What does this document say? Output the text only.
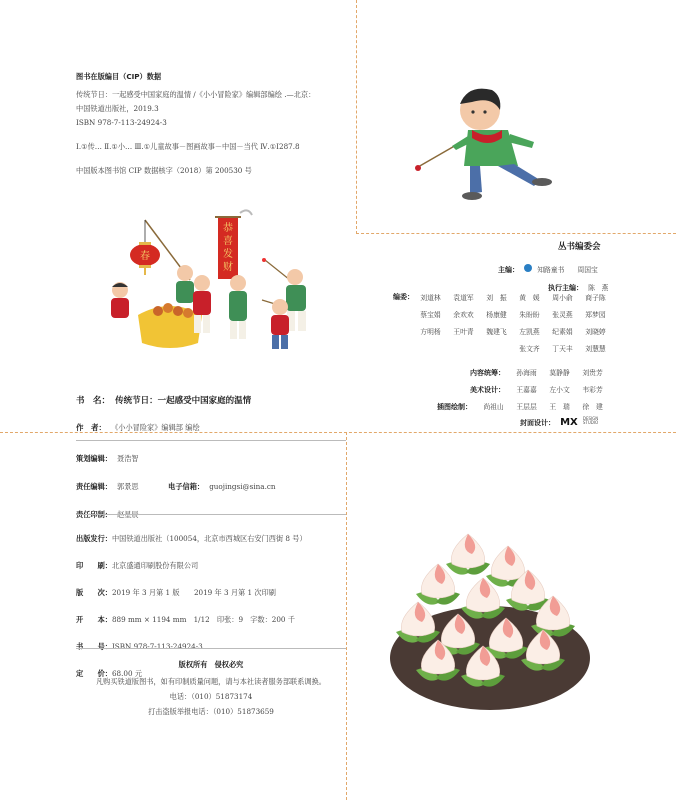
图书在版编目（CIP）数据
传统节日：一起感受中国家庭的温情 /《小小冒险家》编辑部编绘 .—北京：
中国铁道出版社，2019.3
ISBN 978-7-113-24924-3
Ⅰ.①传… Ⅱ.①小… Ⅲ.①儿童故事－图画故事－中国－当代 Ⅳ.①I287.8
中国版本图书馆 CIP 数据核字（2018）第 200530 号
春
恭喜发财
书　名： 传统节日：一起感受中国家庭的温情
作　者： 《小小冒险家》编辑部 编绘
策划编辑： 聂浩智
责任编辑： 郭景思	电子信箱： guojingsi@sina.cn
责任印制： 赵星辰
出版发行：中国铁道出版社（100054，北京市西城区右安门西街 8 号）
印　　刷：北京盛通印刷股份有限公司
版　　次：2019 年 3 月第 1 版　　2019 年 3 月第 1 次印刷
开　　本：889 mm × 1194 mm　1/12　印张：9　字数：200 千
书　　号：ISBN 978-7-113-24924-3
定　　价：68.00 元
版权所有　侵权必究
凡购买铁道版图书，如有印制质量问题，请与本社读者服务部联系调换。
电话：（010）51873174
打击盗版举报电话：（010）51873659
丛书编委会
主编：	知路童书 周国宝
执行主编： 陈　燕
编委： 刘道林 袁道军 刘　振 黄　媛 周小俞 商子陈
蔡宝娟 余欢欢 杨康健 朱盼盼 张灵燕 郑梦园
方明杨 王叶青 魏建飞 左凯燕 纪素娟 刘晓婷
张文齐 丁天丰 刘慧慧
内容统筹： 孙海雨 莫静静 刘贵芳
美术设计： 王嘉嘉 左小文 韦彩芳
插图绘制： 尚祖山 王层层 王　瑞 徐　建
封面设计： MX DESIGN STUDIO
